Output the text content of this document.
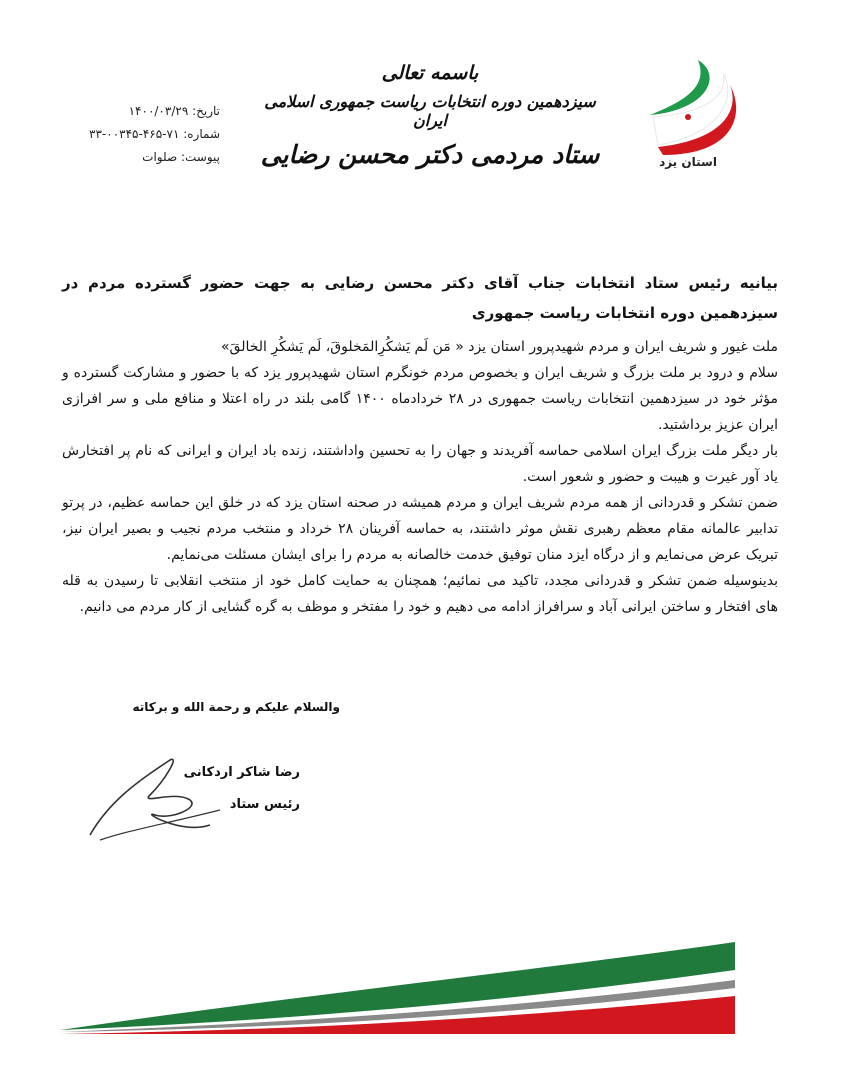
استان یزد
باسمه تعالی
سیزدهمین دوره انتخابات ریاست جمهوری اسلامی ایران
ستاد مردمی دکتر محسن رضایی
تاریخ: ۱۴۰۰/۰۳/۲۹
شماره: ۷۱-۴۶۵-۰۰۳۴۵-۳۳
پیوست: صلوات

بیانیه رئیس ستاد انتخابات جناب آقای دکتر محسن رضایی به جهت حضور گسترده مردم در سیزدهمین دوره انتخابات ریاست جمهوری

ملت غیور و شریف ایران و مردم شهیدپرور استان یزد « مَن لَم یَشکُرِالمَخلوقَ، لَم یَشکُرِ الخالقَ»

سلام و درود بر ملت بزرگ و شریف ایران و بخصوص مردم خونگرم استان شهیدپرور یزد که با حضور و مشارکت گسترده و مؤثر خود در سیزدهمین انتخابات ریاست جمهوری در ۲۸ خردادماه ۱۴۰۰ گامی بلند در راه اعتلا و منافع ملی و سر افرازی ایران عزیز برداشتید.

بار دیگر ملت بزرگ ایران اسلامی حماسه آفریدند و جهان را به تحسین واداشتند، زنده باد ایران و ایرانی که نام پر افتخارش یاد آور غیرت و هیبت و حضور و شعور است.

ضمن تشکر و قدردانی از همه مردم شریف ایران و مردم همیشه در صحنه استان یزد که در خلق این حماسه عظیم، در پرتو تدابیر عالمانه مقام معظم رهبری نقش موثر داشتند، به حماسه آفرینان ۲۸ خرداد و منتخب مردم نجیب و بصیر ایران نیز، تبریک عرض می‌نمایم و از درگاه ایزد منان توفیق خدمت خالصانه به مردم را برای ایشان مسئلت می‌نمایم.

بدینوسیله ضمن تشکر و قدردانی مجدد، تاکید می نمائیم؛ همچنان به حمایت کامل خود از منتخب انقلابی تا رسیدن به قله های افتخار و ساختن ایرانی آباد و سرافراز ادامه می دهیم و خود را مفتخر و موظف به گره گشایی از کار مردم می دانیم.

والسلام علیکم و رحمة الله و برکاته
رضا شاکر اردکانی
رئیس ستاد
